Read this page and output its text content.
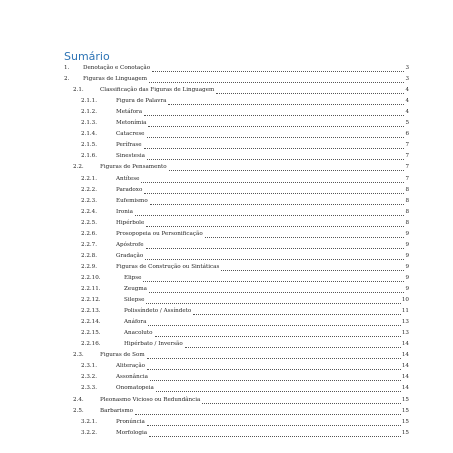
Sumário
1.	Denotação e Conotação	3
2.	Figuras de Linguagem	3
2.1.	Classificação das Figuras de Linguagem	4
2.1.1.	Figura de Palavra	4
2.1.2.	Metáfora	4
2.1.3.	Metonímia	5
2.1.4.	Catacrese	6
2.1.5.	Perífrase	7
2.1.6.	Sinestesia	7
2.2.	Figuras de Pensamento	7
2.2.1.	Antítese	7
2.2.2.	Paradoxo	8
2.2.3.	Eufemismo	8
2.2.4.	Ironia	8
2.2.5.	Hipérbole	8
2.2.6.	Prosopopeia ou Personificação	9
2.2.7.	Apóstrofe	9
2.2.8.	Gradação	9
2.2.9.	Figuras de Construção ou Sintáticas	9
2.2.10.	Elipse	9
2.2.11.	Zeugma	9
2.2.12.	Silepse	10
2.2.13.	Polissíndeto / Assíndeto	11
2.2.14.	Anáfora	13
2.2.15.	Anacoluto	13
2.2.16.	Hipérbato / Inversão	14
2.3.	Figuras de Som	14
2.3.1.	Aliteração	14
2.3.2.	Assonância	14
2.3.3.	Onomatopeia	14
2.4.	Pleonasmo Vicioso ou Redundância	15
2.5.	Barbarismo	15
3.2.1.	Pronúncia	15
3.2.2.	Morfologia	15
